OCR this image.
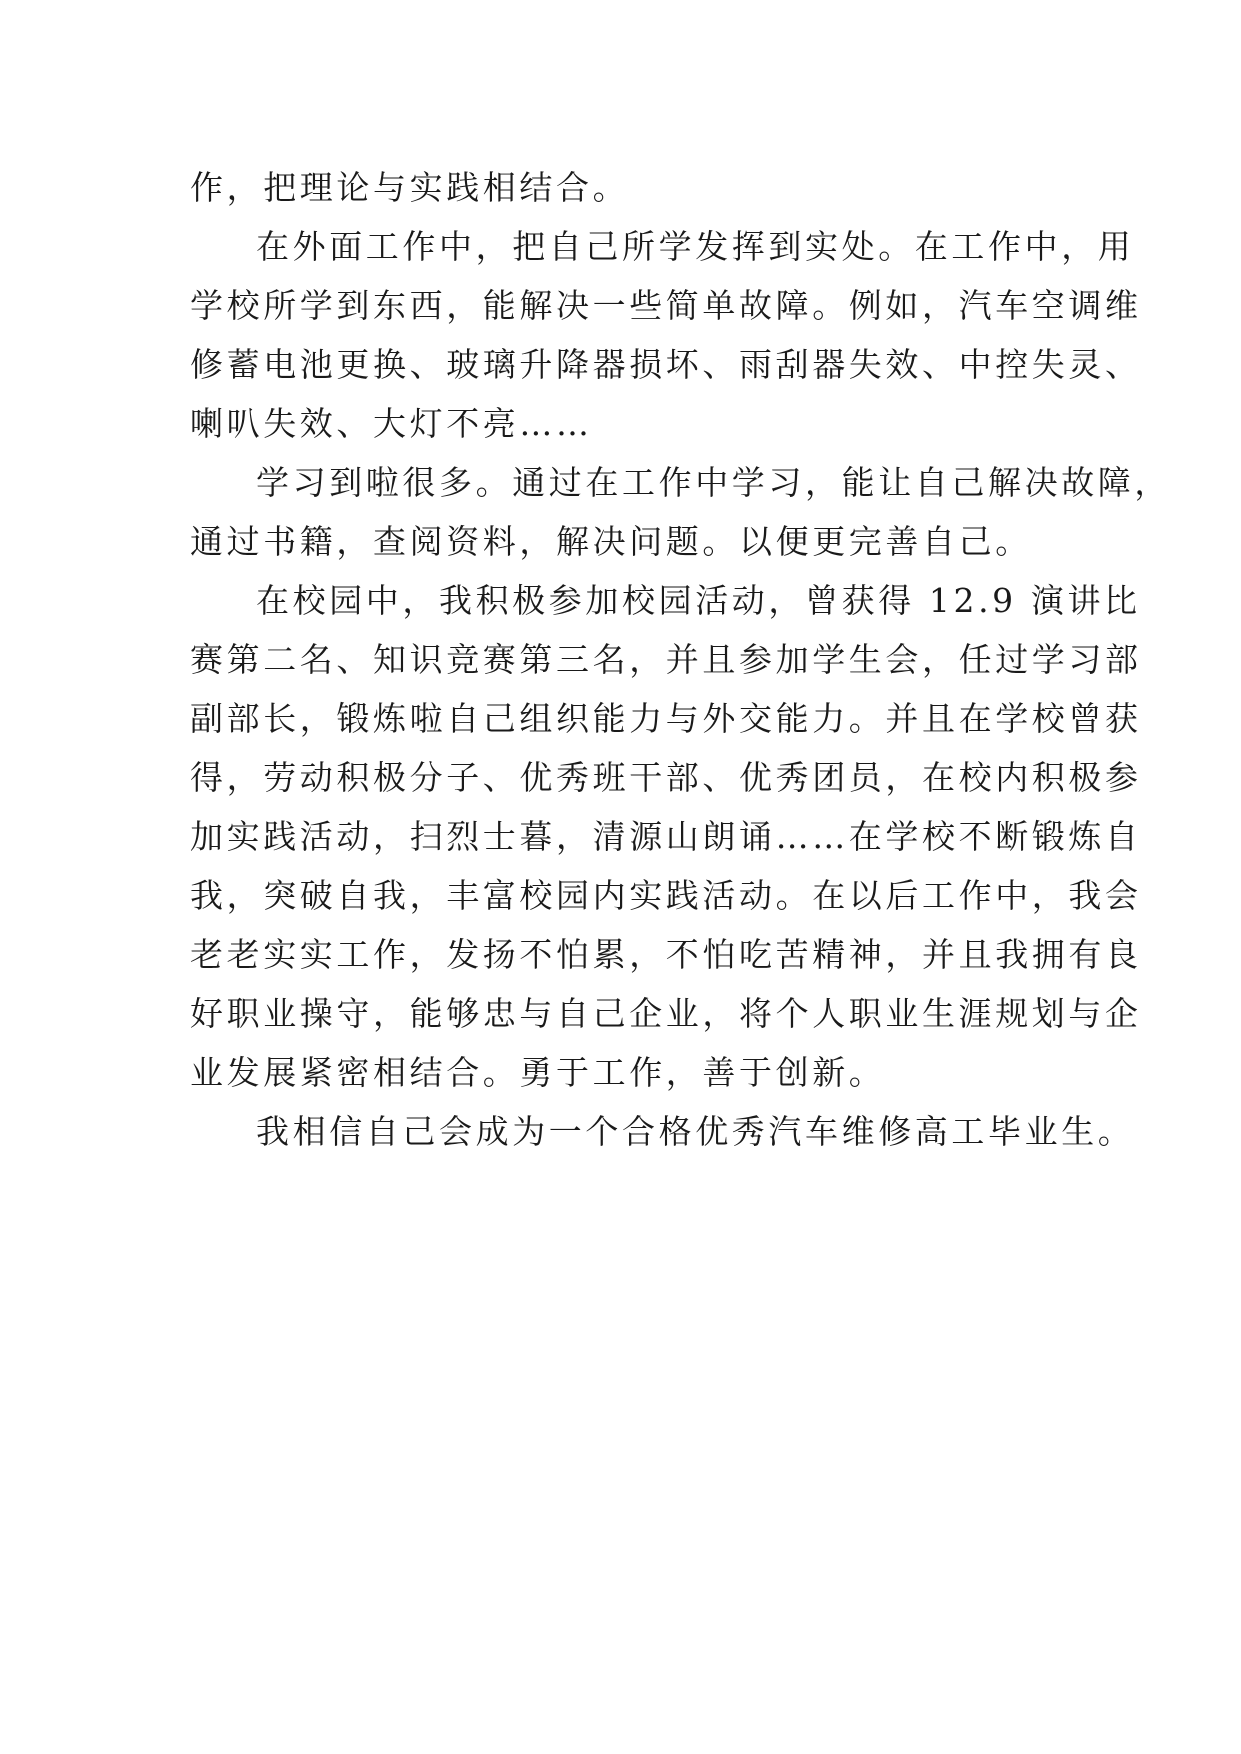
作，把理论与实践相结合。
在外面工作中，把自己所学发挥到实处。在工作中，用
学校所学到东西，能解决一些简单故障。例如，汽车空调维
修蓄电池更换、玻璃升降器损坏、雨刮器失效、中控失灵、
喇叭失效、大灯不亮……
学习到啦很多。通过在工作中学习，能让自己解决故障，
通过书籍，查阅资料，解决问题。以便更完善自己。
在校园中，我积极参加校园活动，曾获得 12.9 演讲比
赛第二名、知识竞赛第三名，并且参加学生会，任过学习部
副部长，锻炼啦自己组织能力与外交能力。并且在学校曾获
得，劳动积极分子、优秀班干部、优秀团员，在校内积极参
加实践活动，扫烈士暮，清源山朗诵……在学校不断锻炼自
我，突破自我，丰富校园内实践活动。在以后工作中，我会
老老实实工作，发扬不怕累，不怕吃苦精神，并且我拥有良
好职业操守，能够忠与自己企业，将个人职业生涯规划与企
业发展紧密相结合。勇于工作，善于创新。
我相信自己会成为一个合格优秀汽车维修高工毕业生。
